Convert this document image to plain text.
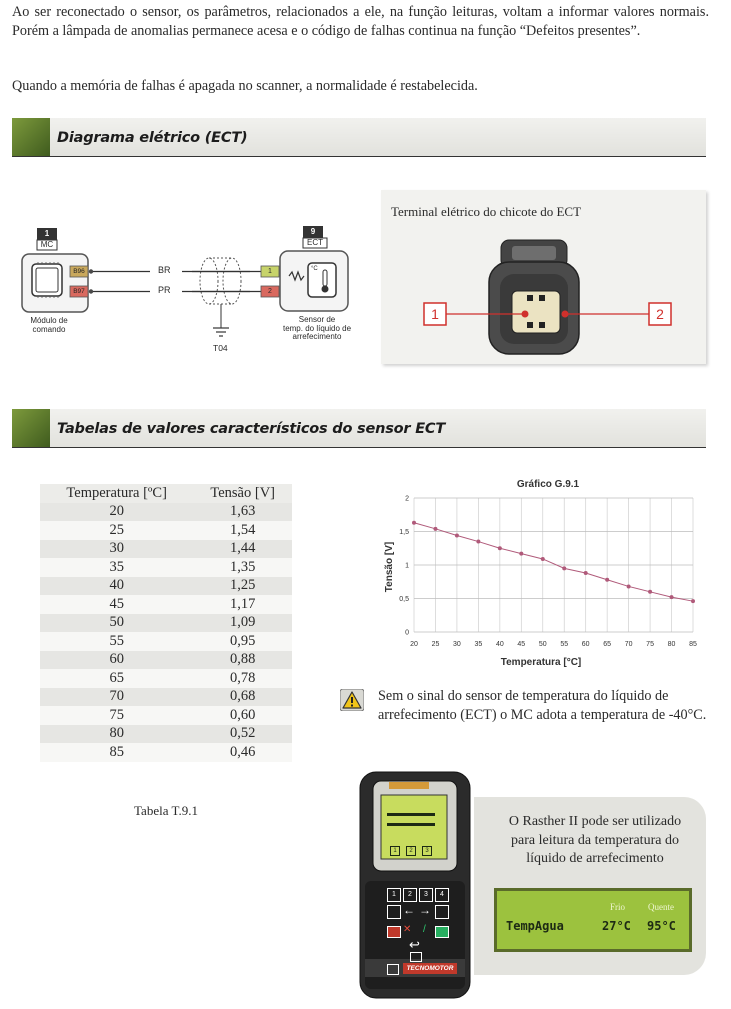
Ao ser reconectado o sensor, os parâmetros, relacionados a ele, na função leituras, voltam a informar valores normais. Porém a lâmpada de anomalias permanece acesa e o código de falhas continua na função “Defeitos presentes”.
Quando a memória de falhas é apagada no scanner, a normalidade é restabelecida.
Diagrama elétrico (ECT)
1
MC
B96
B97
BR
PR
T04
9
ECT
1
2
°C
Módulo de
comando
Sensor de
temp. do líquido de
arrefecimento
Terminal elétrico do chicote do ECT
1	2
Tabelas de valores característicos do sensor ECT
Temperatura [ºC]	Tensão [V]
20	1,63
25	1,54
30	1,44
35	1,35
40	1,25
45	1,17
50	1,09
55	0,95
60	0,88
65	0,78
70	0,68
75	0,60
80	0,52
85	0,46
Tabela T.9.1
Gráfico G.9.1
Tensão [V]
Temperatura [°C]
20 25 30 35 40 45 50 55 60 65 70 75 80 85
0
0,5
1
1,5
2
Sem o sinal do sensor de temperatura do líquido de arrefecimento (ECT) o MC adota a temperatura de -40°C.
1	2	3
1	2	3	4
← →
✕ /
↩
TECNOMOTOR
O Rasther II pode ser utilizado para leitura da temperatura do líquido de arrefecimento
Frio	Quente
TempAgua	27°C 95°C
